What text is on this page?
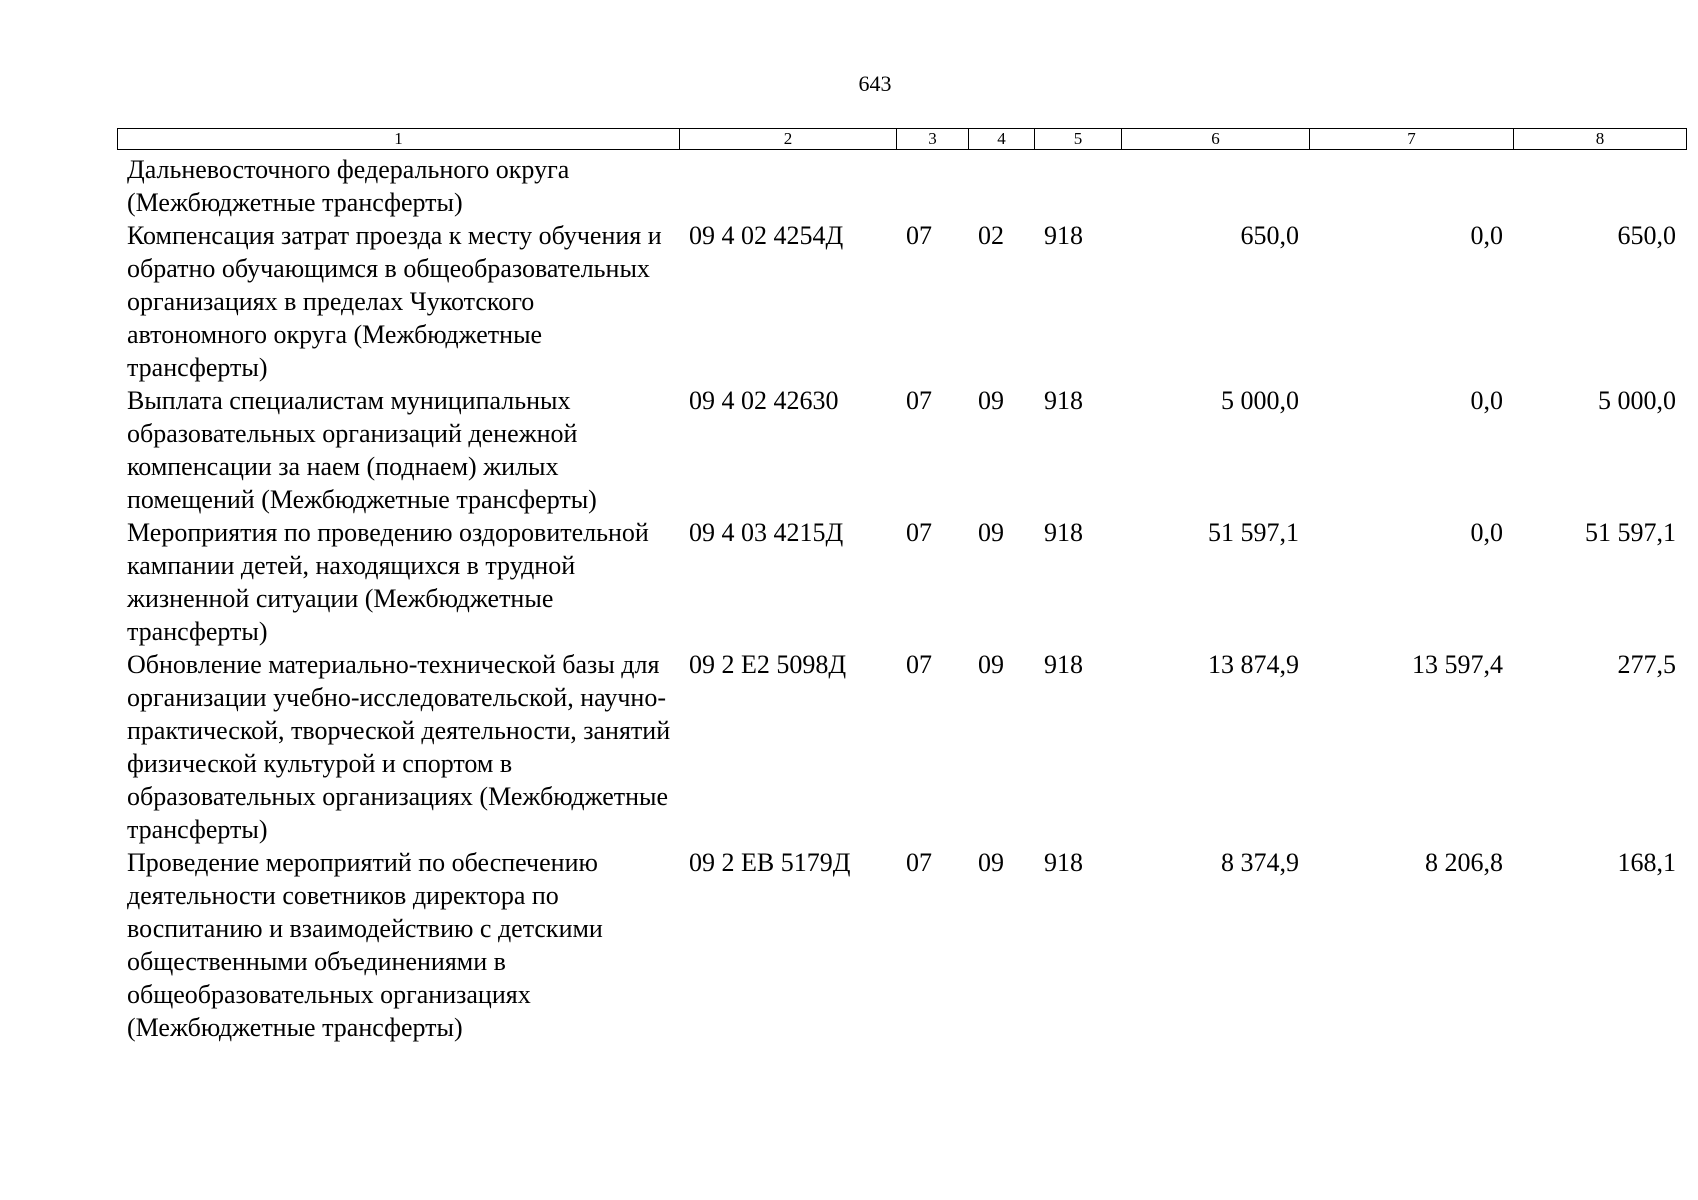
643
1	2	3	4	5	6	7	8
Дальневосточного федерального округа (Межбюджетные трансферты)							
Компенсация затрат проезда к месту обучения и обратно обучающимся в общеобразовательных организациях в пределах Чукотского автономного округа (Межбюджетные трансферты)	09 4 02 4254Д	07	02	918	650,0	0,0	650,0
Выплата специалистам муниципальных образовательных организаций денежной компенсации за наем (поднаем) жилых помещений (Межбюджетные трансферты)	09 4 02 42630	07	09	918	5 000,0	0,0	5 000,0
Мероприятия по проведению оздоровительной кампании детей, находящихся в трудной жизненной ситуации (Межбюджетные трансферты)	09 4 03 4215Д	07	09	918	51 597,1	0,0	51 597,1
Обновление материально-технической базы для организации учебно-исследовательской, научно-практической, творческой деятельности, занятий физической культурой и спортом в образовательных организациях (Межбюджетные трансферты)	09 2 Е2 5098Д	07	09	918	13 874,9	13 597,4	277,5
Проведение мероприятий по обеспечению деятельности советников директора по воспитанию и взаимодействию с детскими общественными объединениями в общеобразовательных организациях (Межбюджетные трансферты)	09 2 ЕВ 5179Д	07	09	918	8 374,9	8 206,8	168,1
